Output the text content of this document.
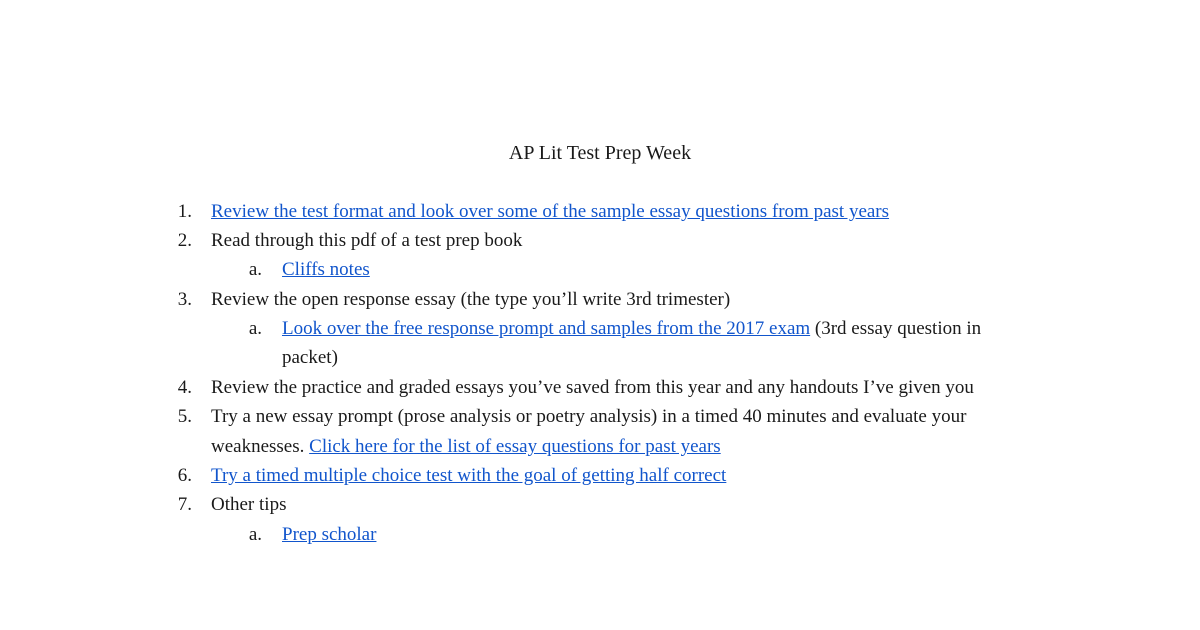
AP Lit Test Prep Week
1. Review the test format and look over some of the sample essay questions from past years
2. Read through this pdf of a test prep book
a. Cliffs notes
3. Review the open response essay (the type you’ll write 3rd trimester)
a. Look over the free response prompt and samples from the 2017 exam (3rd essay question in
packet)
4. Review the practice and graded essays you’ve saved from this year and any handouts I’ve given you
5. Try a new essay prompt (prose analysis or poetry analysis) in a timed 40 minutes and evaluate your
weaknesses. Click here for the list of essay questions for past years
6. Try a timed multiple choice test with the goal of getting half correct
7. Other tips
a. Prep scholar
